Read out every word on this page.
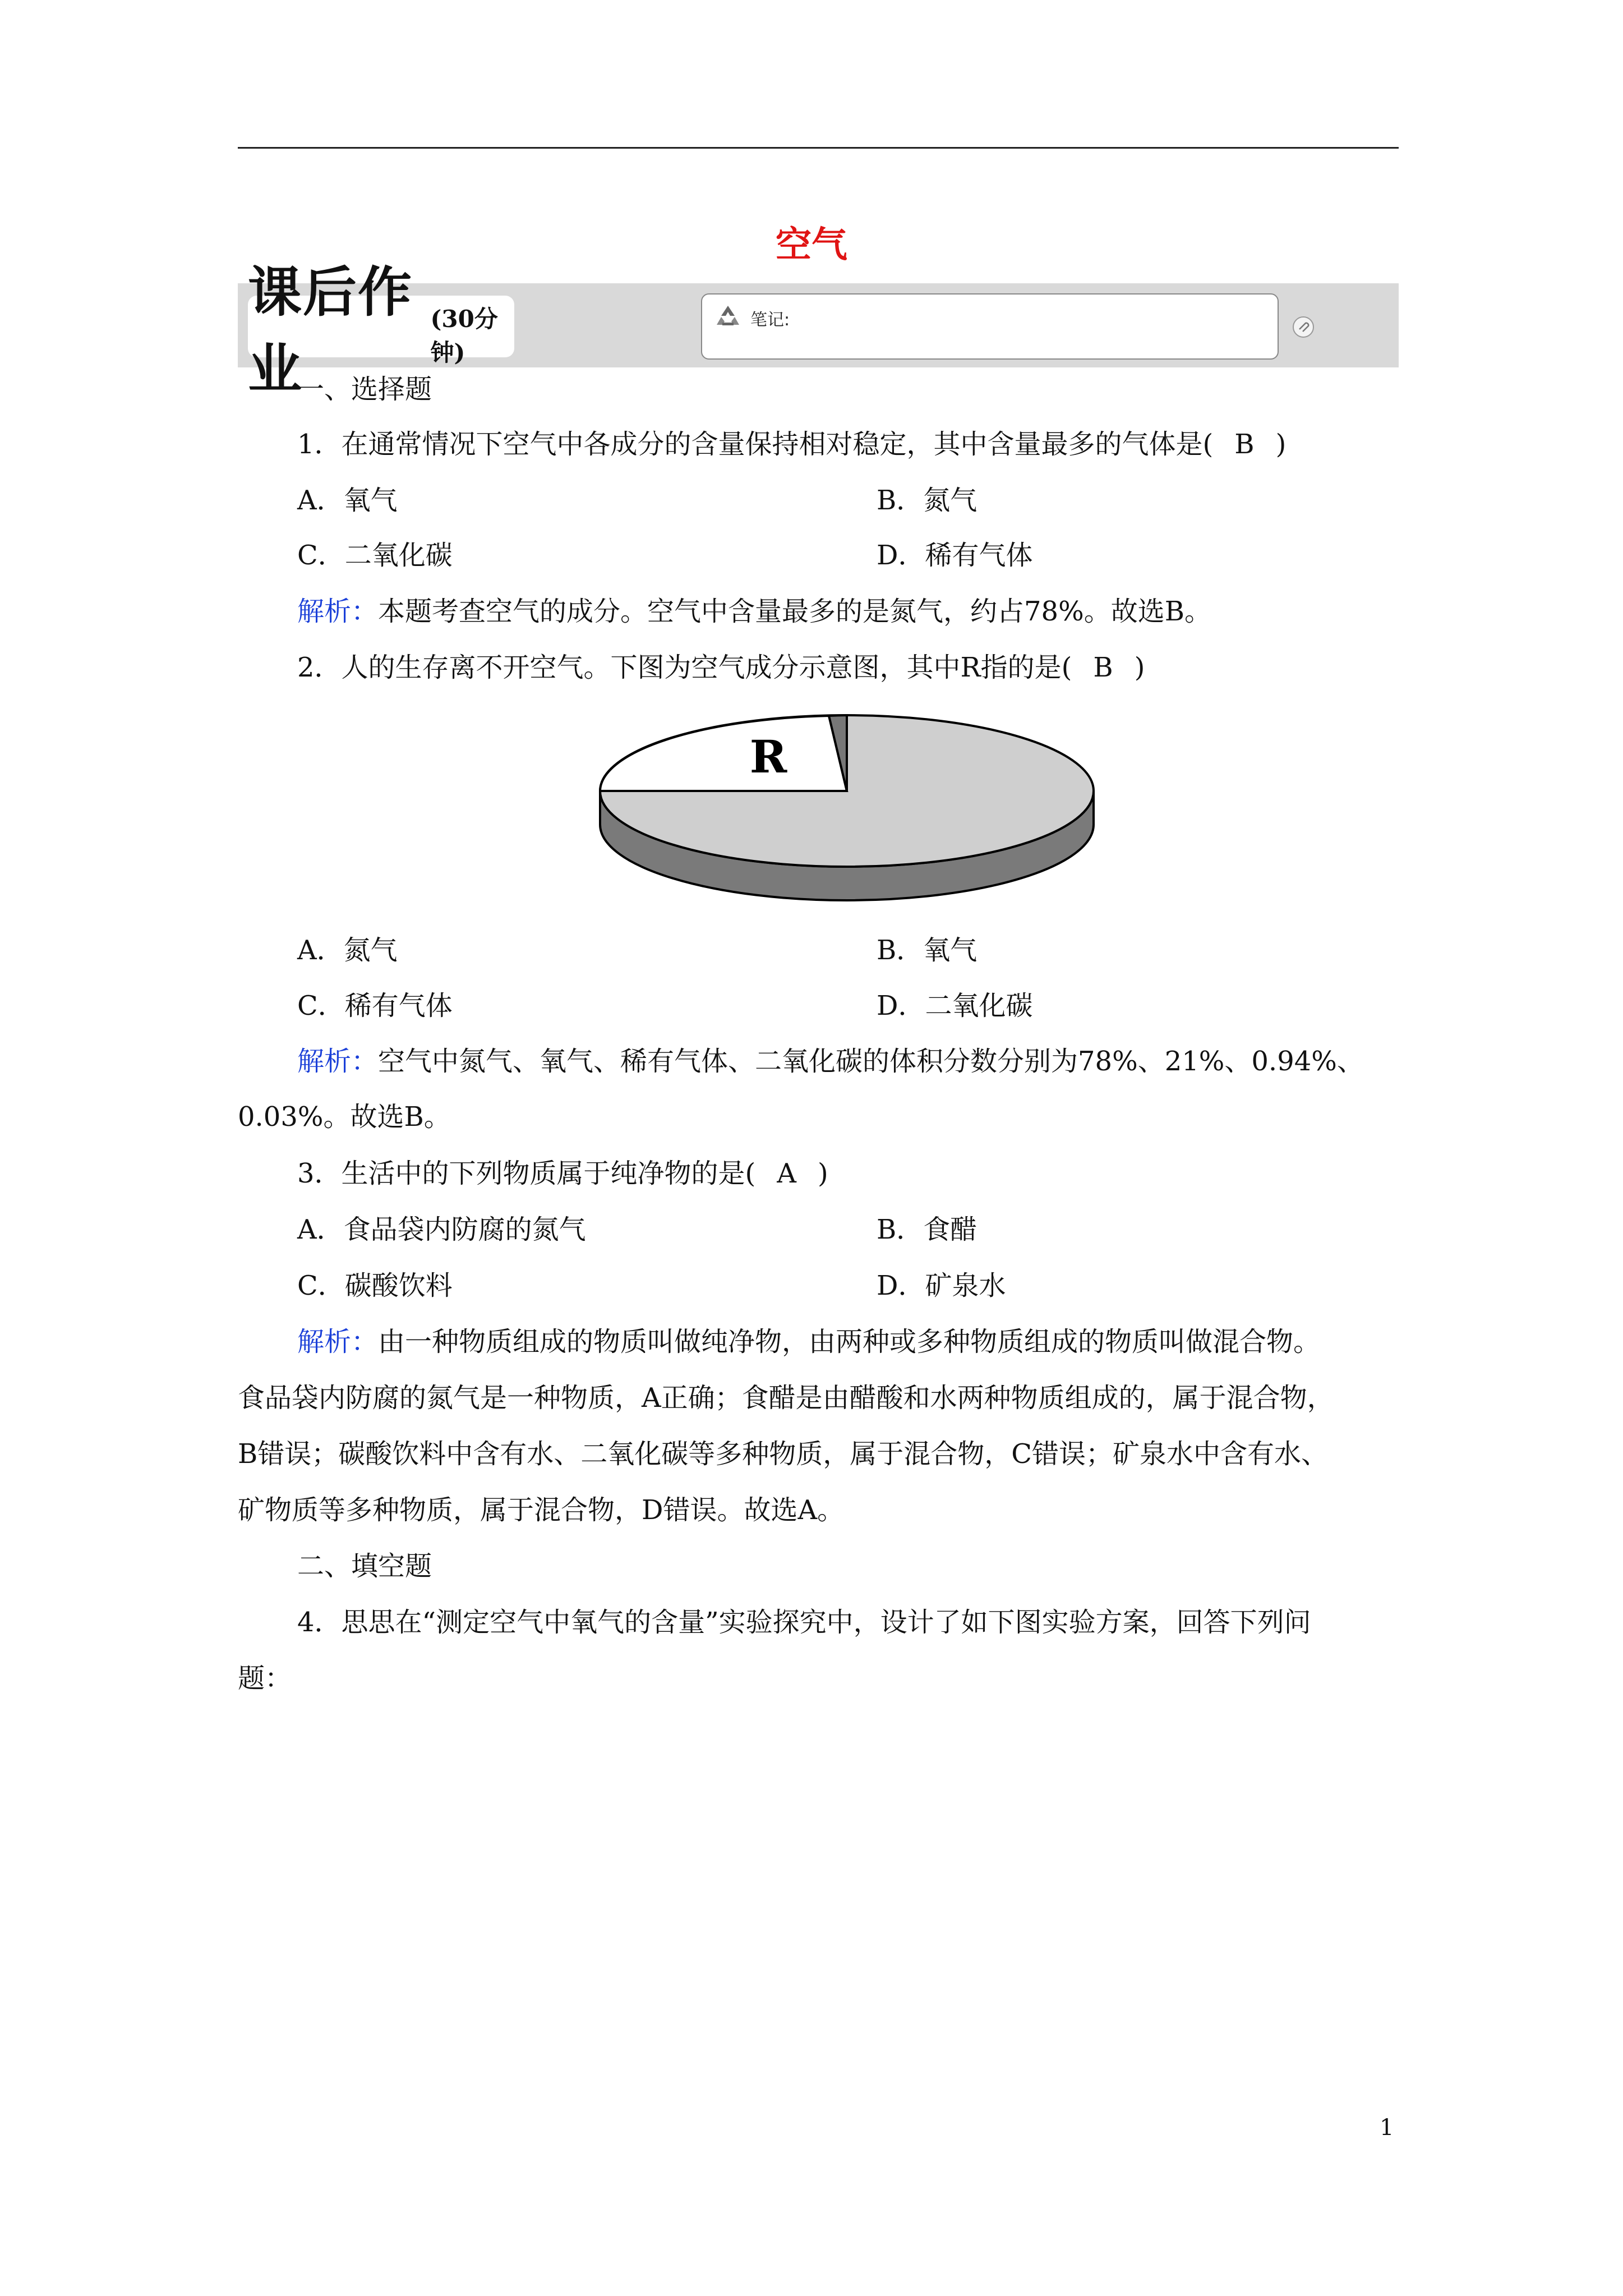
空气
课后作业
(30分钟)
笔记:
一、选择题
1．在通常情况下空气中各成分的含量保持相对稳定，其中含量最多的气体是( B )
A．氧气	B．氮气
C．二氧化碳	D．稀有气体
解析：本题考查空气的成分。空气中含量最多的是氮气，约占78%。故选B。
2．人的生存离不开空气。下图为空气成分示意图，其中R指的是( B )
R
A．氮气	B．氧气
C．稀有气体	D．二氧化碳
解析：空气中氮气、氧气、稀有气体、二氧化碳的体积分数分别为78%、21%、0.94%、
0.03%。故选B。
3．生活中的下列物质属于纯净物的是( A )
A．食品袋内防腐的氮气	B．食醋
C．碳酸饮料	D．矿泉水
解析：由一种物质组成的物质叫做纯净物，由两种或多种物质组成的物质叫做混合物。
食品袋内防腐的氮气是一种物质，A正确；食醋是由醋酸和水两种物质组成的，属于混合物，
B错误；碳酸饮料中含有水、二氧化碳等多种物质，属于混合物，C错误；矿泉水中含有水、
矿物质等多种物质，属于混合物，D错误。故选A。
二、填空题
4．思思在“测定空气中氧气的含量”实验探究中，设计了如下图实验方案，回答下列问
题：
1
